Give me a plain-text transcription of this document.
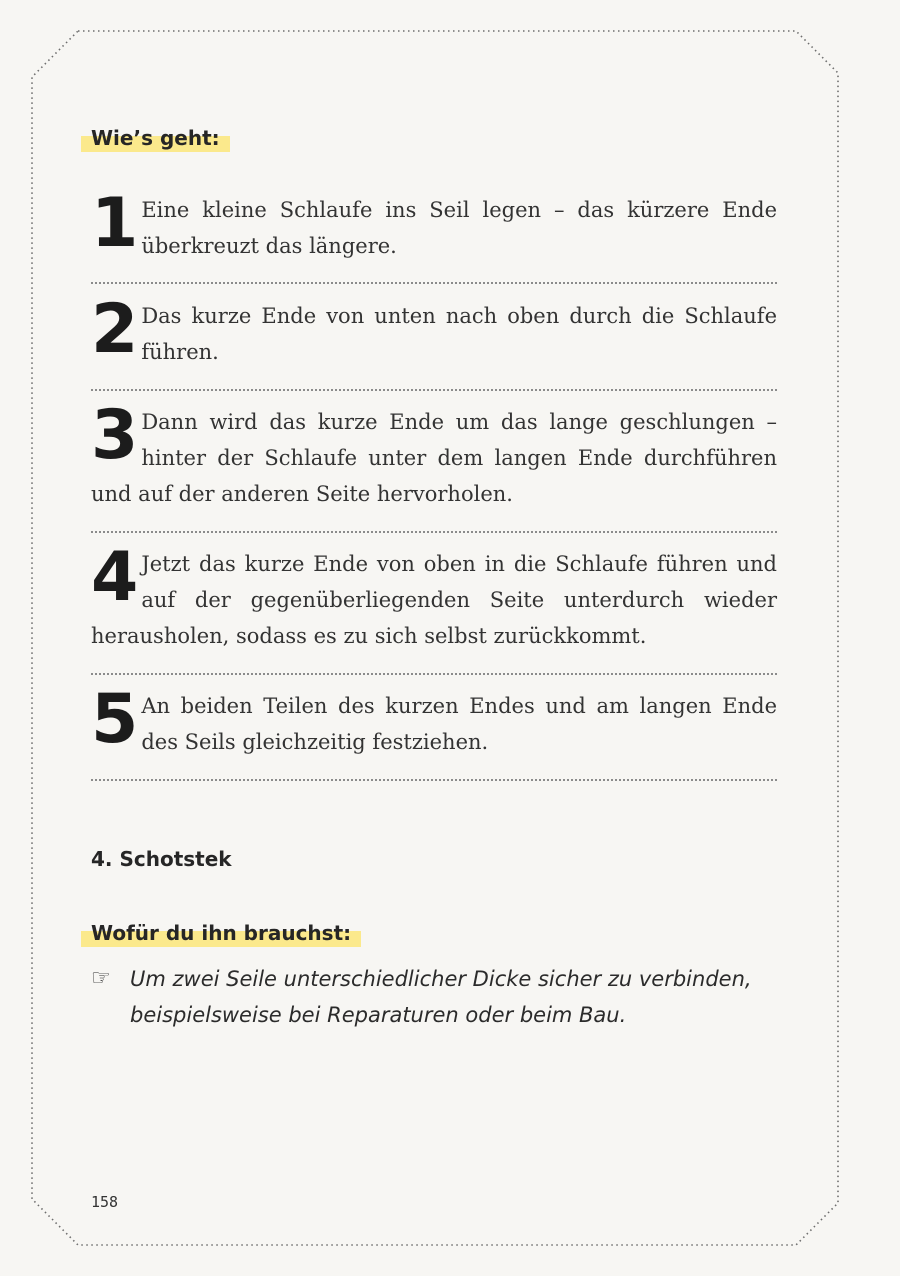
Wie’s geht:
1 Eine kleine Schlaufe ins Seil legen – das kürzere Ende überkreuzt das längere.
2 Das kurze Ende von unten nach oben durch die Schlaufe führen.
3 Dann wird das kurze Ende um das lange geschlungen – hinter der Schlaufe unter dem langen Ende durchführen und auf der anderen Seite hervorholen.
4 Jetzt das kurze Ende von oben in die Schlaufe führen und auf der gegenüberliegenden Seite unterdurch wieder herausholen, sodass es zu sich selbst zurückkommt.
5 An beiden Teilen des kurzen Endes und am langen Ende des Seils gleichzeitig festziehen.
4. Schotstek
Wofür du ihn brauchst:
☞ Um zwei Seile unterschiedlicher Dicke sicher zu verbinden, beispielsweise bei Reparaturen oder beim Bau.
158
